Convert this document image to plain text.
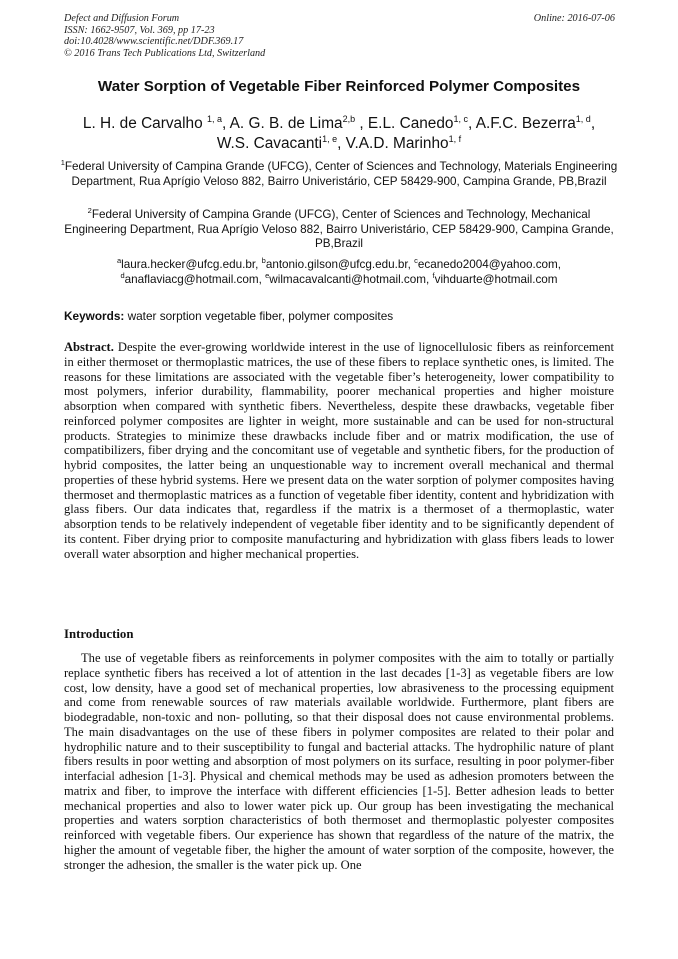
Defect and Diffusion Forum
ISSN: 1662-9507, Vol. 369, pp 17-23
doi:10.4028/www.scientific.net/DDF.369.17
© 2016 Trans Tech Publications Ltd, Switzerland
Online: 2016-07-06
Water Sorption of Vegetable Fiber Reinforced Polymer Composites
L. H. de Carvalho $^{1, a}$, A. G. B. de Lima$^{2,b}$ , E.L. Canedo$^{1, c}$, A.F.C. Bezerra$^{1, d}$,
W.S. Cavacanti$^{1, e}$, V.A.D. Marinho$^{1, f}$
$^1$Federal University of Campina Grande (UFCG), Center of Sciences and Technology, Materials Engineering Department, Rua Aprígio Veloso 882, Bairro Univeristário, CEP 58429-900, Campina Grande, PB,Brazil
$^2$Federal University of Campina Grande (UFCG), Center of Sciences and Technology, Mechanical Engineering Department, Rua Aprígio Veloso 882, Bairro Univeristário, CEP 58429-900, Campina Grande, PB,Brazil
$^a$laura.hecker@ufcg.edu.br, $^b$antonio.gilson@ufcg.edu.br, $^c$ecanedo2004@yahoo.com,
$^d$anaflaviacg@hotmail.com, $^e$wilmacavalcanti@hotmail.com, $^f$vihduarte@hotmail.com
Keywords: water sorption vegetable fiber, polymer composites
Abstract. Despite the ever-growing worldwide interest in the use of lignocellulosic fibers as reinforcement in either thermoset or thermoplastic matrices, the use of these fibers to replace synthetic ones, is limited. The reasons for these limitations are associated with the vegetable fiber’s heterogeneity, lower compatibility to most polymers, inferior durability, flammability, poorer mechanical properties and higher moisture absorption when compared with synthetic fibers. Nevertheless, despite these drawbacks, vegetable fiber reinforced polymer composites are lighter in weight, more sustainable and can be used for non-structural products. Strategies to minimize these drawbacks include fiber and or matrix modification, the use of compatibilizers, fiber drying and the concomitant use of vegetable and synthetic fibers, for the production of hybrid composites, the latter being an unquestionable way to increment overall mechanical and thermal properties of these hybrid systems. Here we present data on the water sorption of polymer composites having thermoset and thermoplastic matrices as a function of vegetable fiber identity, content and hybridization with glass fibers. Our data indicates that, regardless if the matrix is a thermoset of a thermoplastic, water absorption tends to be relatively independent of vegetable fiber identity and to be significantly dependent of its content. Fiber drying prior to composite manufacturing and hybridization with glass fibers leads to lower overall water absorption and higher mechanical properties.
Introduction
The use of vegetable fibers as reinforcements in polymer composites with the aim to totally or partially replace synthetic fibers has received a lot of attention in the last decades [1-3] as vegetable fibers are low cost, low density, have a good set of mechanical properties, low abrasiveness to the processing equipment and come from renewable sources of raw materials available worldwide. Furthermore, plant fibers are biodegradable, non-toxic and non- polluting, so that their disposal does not cause environmental problems. The main disadvantages on the use of these fibers in polymer composites are related to their polar and hydrophilic nature and to their susceptibility to fungal and bacterial attacks. The hydrophilic nature of plant fibers results in poor wetting and absorption of most polymers on its surface, resulting in poor polymer-fiber interfacial adhesion [1-3]. Physical and chemical methods may be used as adhesion promoters between the matrix and fiber, to improve the interface with different efficiencies [1-5]. Better adhesion leads to better mechanical properties and also to lower water pick up. Our group has been investigating the mechanical properties and waters sorption characteristics of both thermoset and thermoplastic polyester composites reinforced with vegetable fibers. Our experience has shown that regardless of the nature of the matrix, the higher the amount of vegetable fiber, the higher the amount of water sorption of the composite, however, the stronger the adhesion, the smaller is the water pick up. One
